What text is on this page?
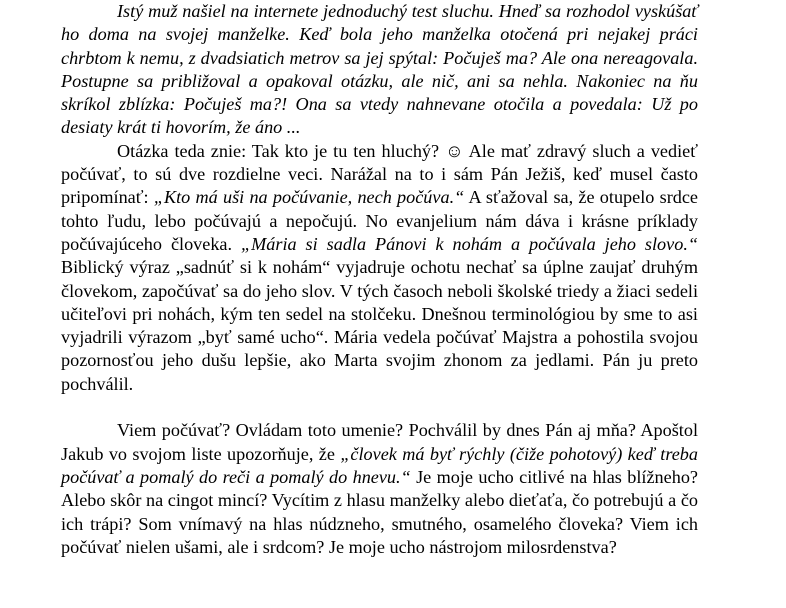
Istý muž našiel na internete jednoduchý test sluchu. Hneď sa rozhodol vyskúšať ho doma na svojej manželke. Keď bola jeho manželka otočená pri nejakej práci chrbtom k nemu, z dvadsiatich metrov sa jej spýtal: Počuješ ma? Ale ona nereagovala. Postupne sa približoval a opakoval otázku, ale nič, ani sa nehla. Nakoniec na ňu skríkol zblízka: Počuješ ma?! Ona sa vtedy nahnevane otočila a povedala: Už po desiaty krát ti hovorím, že áno ...

Otázka teda znie: Tak kto je tu ten hluchý? ☺ Ale mať zdravý sluch a vedieť počúvať, to sú dve rozdielne veci. Narážal na to i sám Pán Ježiš, keď musel často pripomínať: „Kto má uši na počúvanie, nech počúva.“ A sťažoval sa, že otupelo srdce tohto ľudu, lebo počúvajú a nepočujú. No evanjelium nám dáva i krásne príklady počúvajúceho človeka. „Mária si sadla Pánovi k nohám a počúvala jeho slovo.“ Biblický výraz „sadnúť si k nohám“ vyjadruje ochotu nechať sa úplne zaujať druhým človekom, započúvať sa do jeho slov. V tých časoch neboli školské triedy a žiaci sedeli učiteľovi pri nohách, kým ten sedel na stolčeku. Dnešnou terminológiou by sme to asi vyjadrili výrazom „byť samé ucho“. Mária vedela počúvať Majstra a pohostila svojou pozornosťou jeho dušu lepšie, ako Marta svojim zhonom za jedlami. Pán ju preto pochválil.

Viem počúvať? Ovládam toto umenie? Pochválil by dnes Pán aj mňa? Apoštol Jakub vo svojom liste upozorňuje, že „človek má byť rýchly (čiže pohotový) keď treba počúvať a pomalý do reči a pomalý do hnevu.“ Je moje ucho citlivé na hlas blížneho? Alebo skôr na cingot mincí? Vycítim z hlasu manželky alebo dieťaťa, čo potrebujú a čo ich trápi? Som vnímavý na hlas núdzneho, smutného, osamelého človeka? Viem ich počúvať nielen ušami, ale i srdcom? Je moje ucho nástrojom milosrdenstva?
